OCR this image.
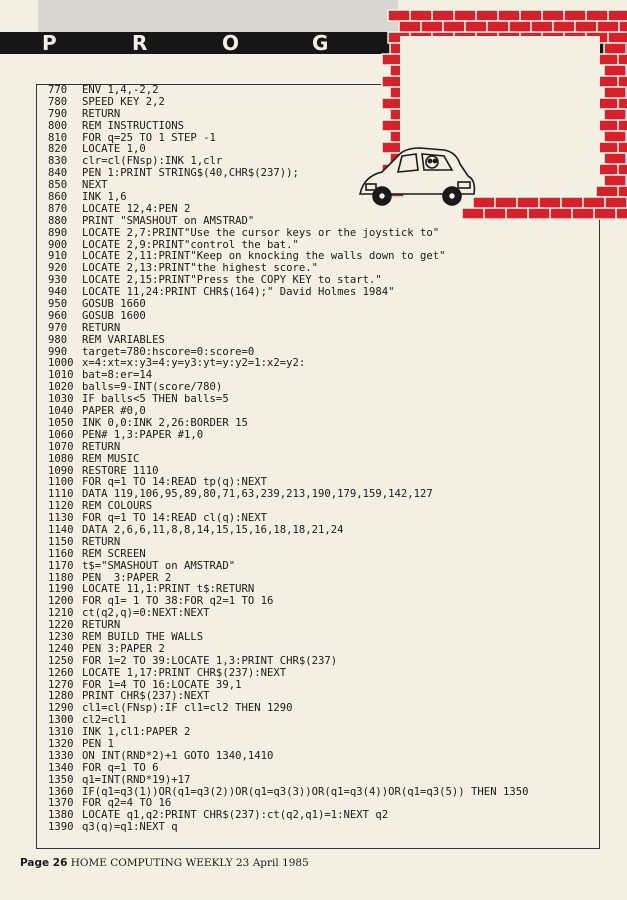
P	R	O	G
770 ENV 1,4,-2,2
780 SPEED KEY 2,2
790 RETURN
800 REM INSTRUCTIONS
810 FOR q=25 TO 1 STEP -1
820 LOCATE 1,0
830 clr=cl(FNsp):INK 1,clr
840 PEN 1:PRINT STRING$(40,CHR$(237));
850 NEXT
860 INK 1,6
870 LOCATE 12,4:PEN 2
880 PRINT "SMASHOUT on AMSTRAD"
890 LOCATE 2,7:PRINT"Use the cursor keys or the joystick to"
900 LOCATE 2,9:PRINT"control the bat."
910 LOCATE 2,11:PRINT"Keep on knocking the walls down to get"
920 LOCATE 2,13:PRINT"the highest score."
930 LOCATE 2,15:PRINT"Press the COPY KEY to start."
940 LOCATE 11,24:PRINT CHR$(164);" David Holmes 1984"
950 GOSUB 1660
960 GOSUB 1600
970 RETURN
980 REM VARIABLES
990 target=780:hscore=0:score=0
1000 x=4:xt=x:y3=4:y=y3:yt=y:y2=1:x2=y2:
1010 bat=8:er=14
1020 balls=9-INT(score/780)
1030 IF balls<5 THEN balls=5
1040 PAPER #0,0
1050 INK 0,0:INK 2,26:BORDER 15
1060 PEN# 1,3:PAPER #1,0
1070 RETURN
1080 REM MUSIC
1090 RESTORE 1110
1100 FOR q=1 TO 14:READ tp(q):NEXT
1110 DATA 119,106,95,89,80,71,63,239,213,190,179,159,142,127
1120 REM COLOURS
1130 FOR q=1 TO 14:READ cl(q):NEXT
1140 DATA 2,6,6,11,8,8,14,15,15,16,18,18,21,24
1150 RETURN
1160 REM SCREEN
1170 t$="SMASHOUT on AMSTRAD"
1180 PEN  3:PAPER 2
1190 LOCATE 11,1:PRINT t$:RETURN
1200 FOR q1= 1 TO 38:FOR q2=1 TO 16
1210 ct(q2,q)=0:NEXT:NEXT
1220 RETURN
1230 REM BUILD THE WALLS
1240 PEN 3:PAPER 2
1250 FOR 1=2 TO 39:LOCATE 1,3:PRINT CHR$(237)
1260 LOCATE 1,17:PRINT CHR$(237):NEXT
1270 FOR 1=4 TO 16:LOCATE 39,1
1280 PRINT CHR$(237):NEXT
1290 cl1=cl(FNsp):IF cl1=cl2 THEN 1290
1300 cl2=cl1
1310 INK 1,cl1:PAPER 2
1320 PEN 1
1330 ON INT(RND*2)+1 GOTO 1340,1410
1340 FOR q=1 TO 6
1350 q1=INT(RND*19)+17
1360 IF(q1=q3(1))OR(q1=q3(2))OR(q1=q3(3))OR(q1=q3(4))OR(q1=q3(5)) THEN 1350
1370 FOR q2=4 TO 16
1380 LOCATE q1,q2:PRINT CHR$(237):ct(q2,q1)=1:NEXT q2
1390 q3(q)=q1:NEXT q
Page 26 HOME COMPUTING WEEKLY 23 April 1985
